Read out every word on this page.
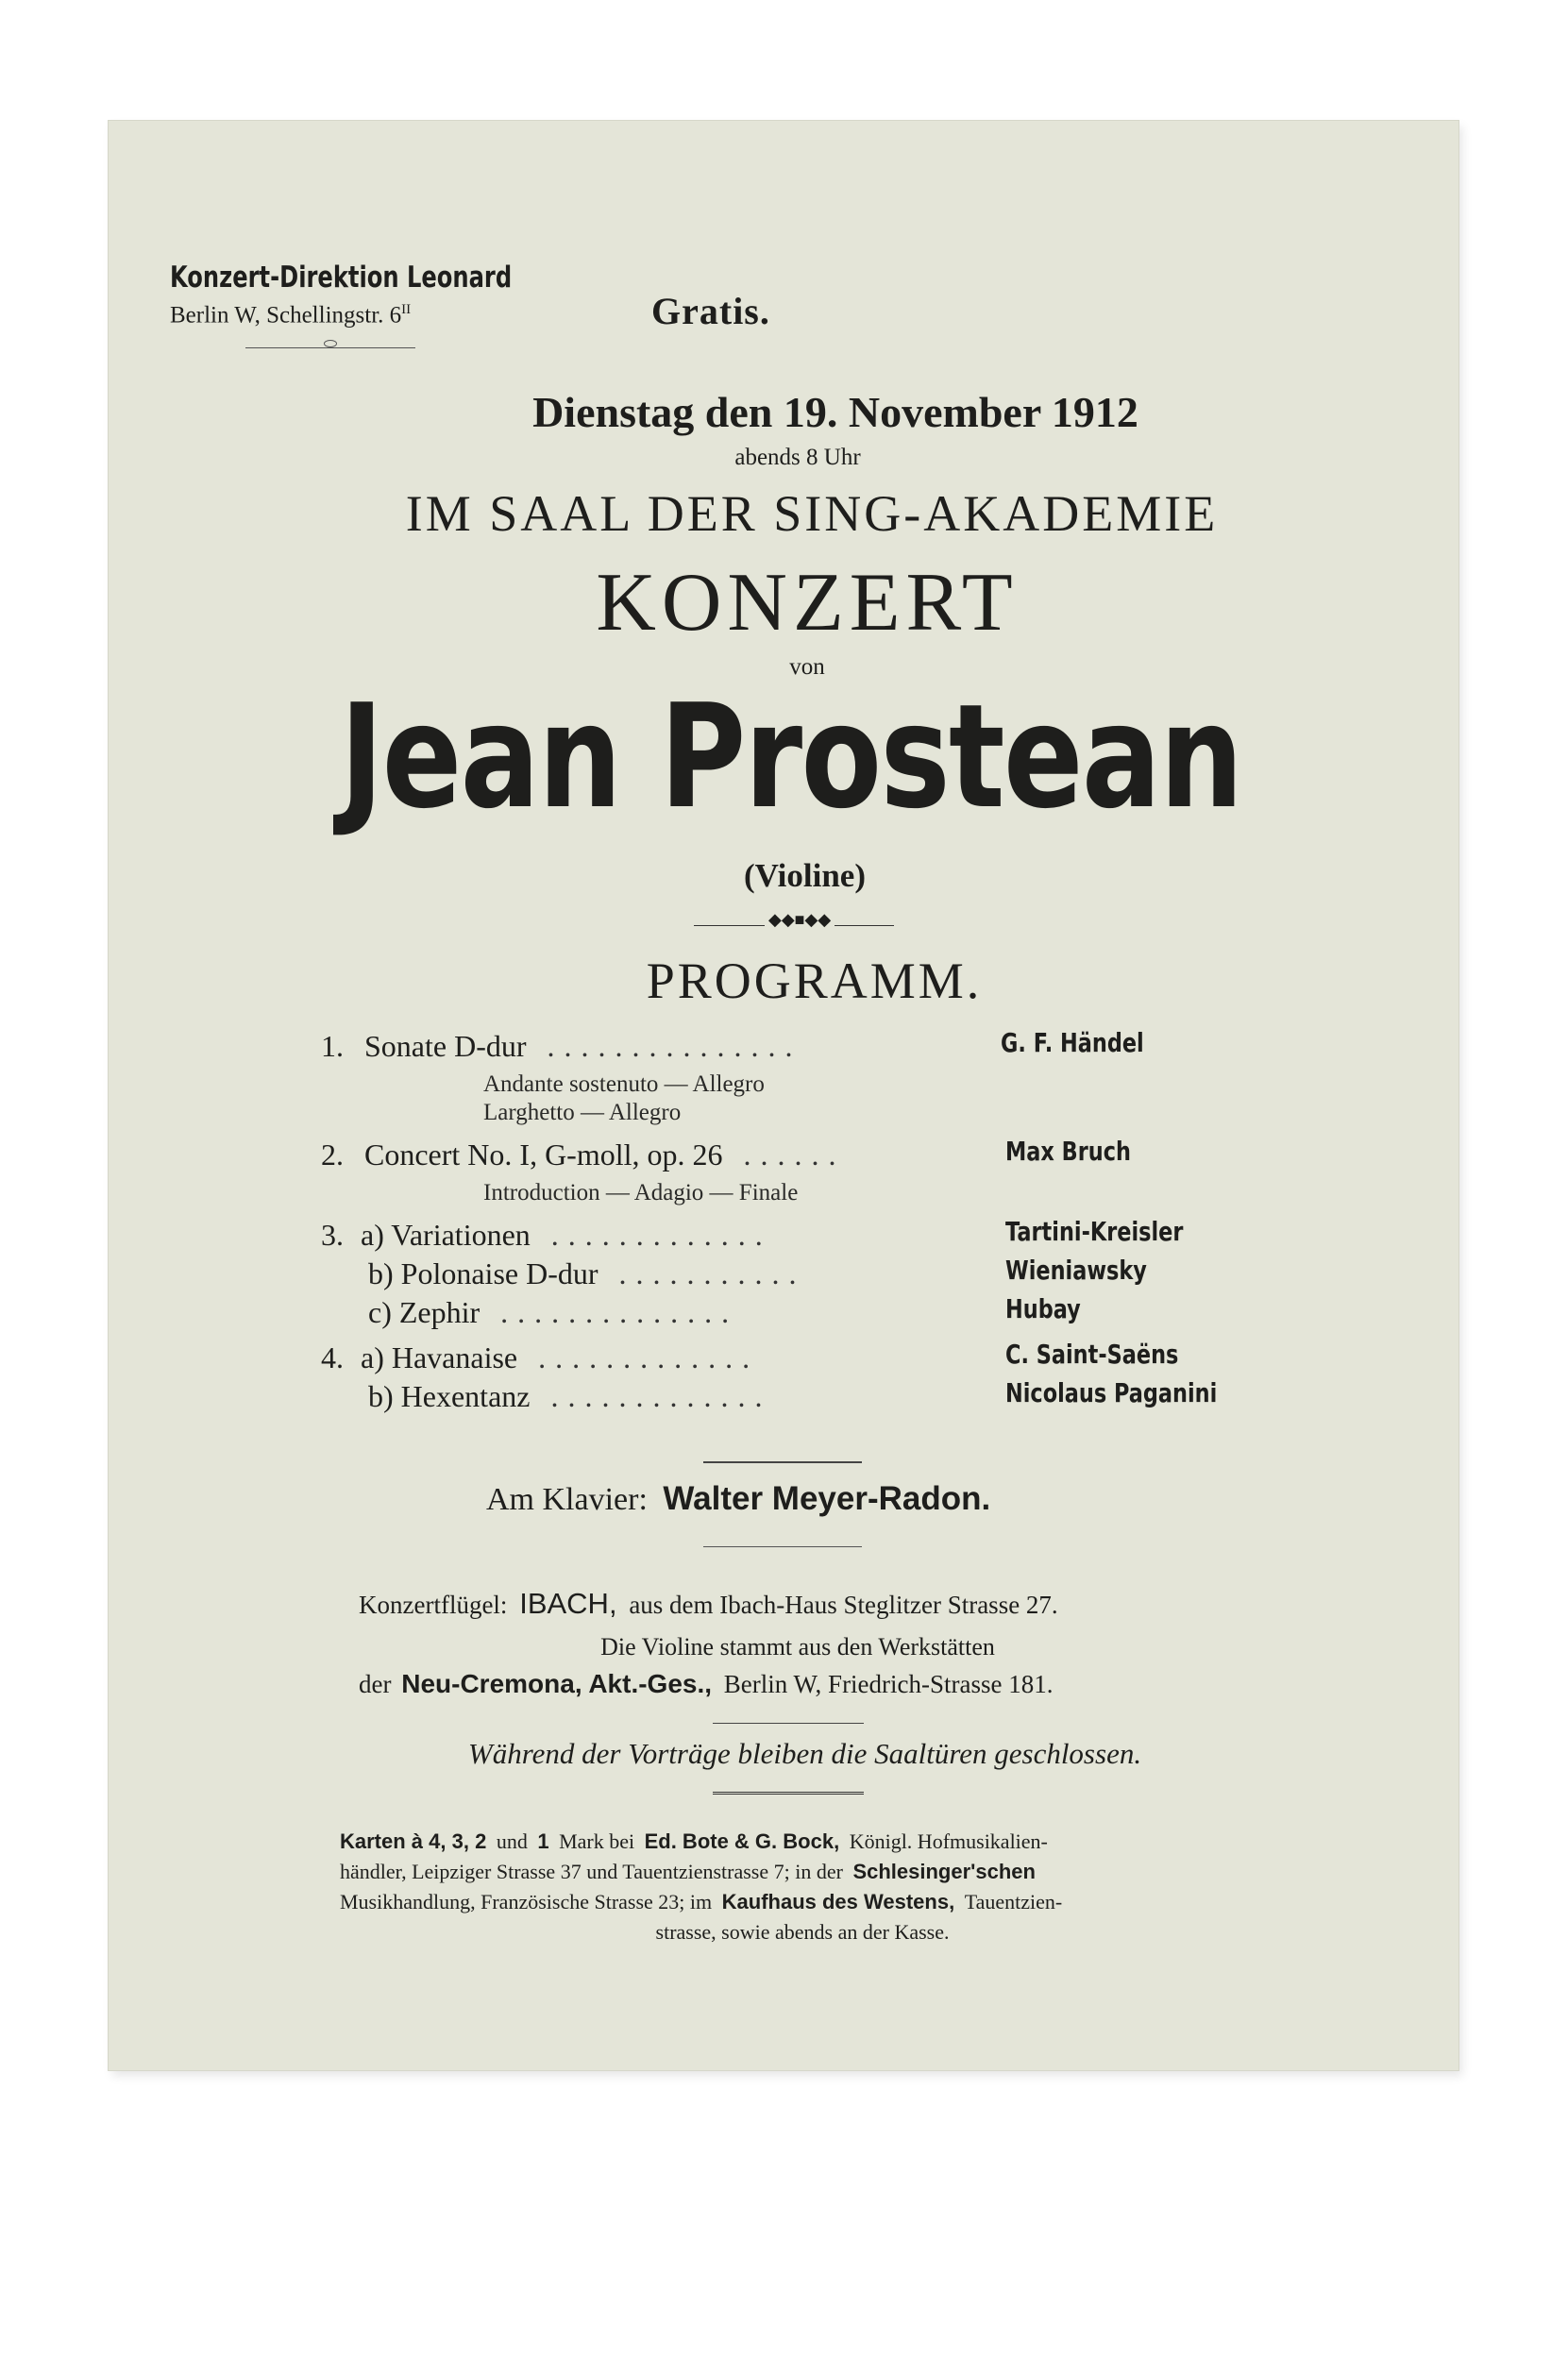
Konzert-Direktion Leonard
Berlin W, Schellingstr. $6^{II}$	Gratis.
Dienstag den 19. November 1912
abends 8 Uhr
IM SAAL DER SING-AKADEMIE
KONZERT
von
Jean Prostean
(Violine)
◆◆■◆◆
PROGRAMM.
1. Sonate D-dur ...............	G. F. Händel
Andante sostenuto — Allegro
Larghetto — Allegro
2. Concert No. I, G-moll, op. 26 ......	Max Bruch
Introduction — Adagio — Finale
3. a) Variationen .............	Tartini-Kreisler
b) Polonaise D-dur ...........	Wieniawsky
c) Zephir ..............	Hubay
4. a) Havanaise .............	C. Saint-Saëns
b) Hexentanz .............	Nicolaus Paganini
Am Klavier: Walter Meyer-Radon.
Konzertflügel: IBACH, aus dem Ibach-Haus Steglitzer Strasse 27.
Die Violine stammt aus den Werkstätten
der Neu-Cremona, Akt.-Ges., Berlin W, Friedrich-Strasse 181.
Während der Vorträge bleiben die Saaltüren geschlossen.
Karten à 4, 3, 2 und 1 Mark bei Ed. Bote & G. Bock, Königl. Hofmusikalien-
händler, Leipziger Strasse 37 und Tauentzienstrasse 7; in der Schlesinger'schen
Musikhandlung, Französische Strasse 23; im Kaufhaus des Westens, Tauentzien-
strasse, sowie abends an der Kasse.
